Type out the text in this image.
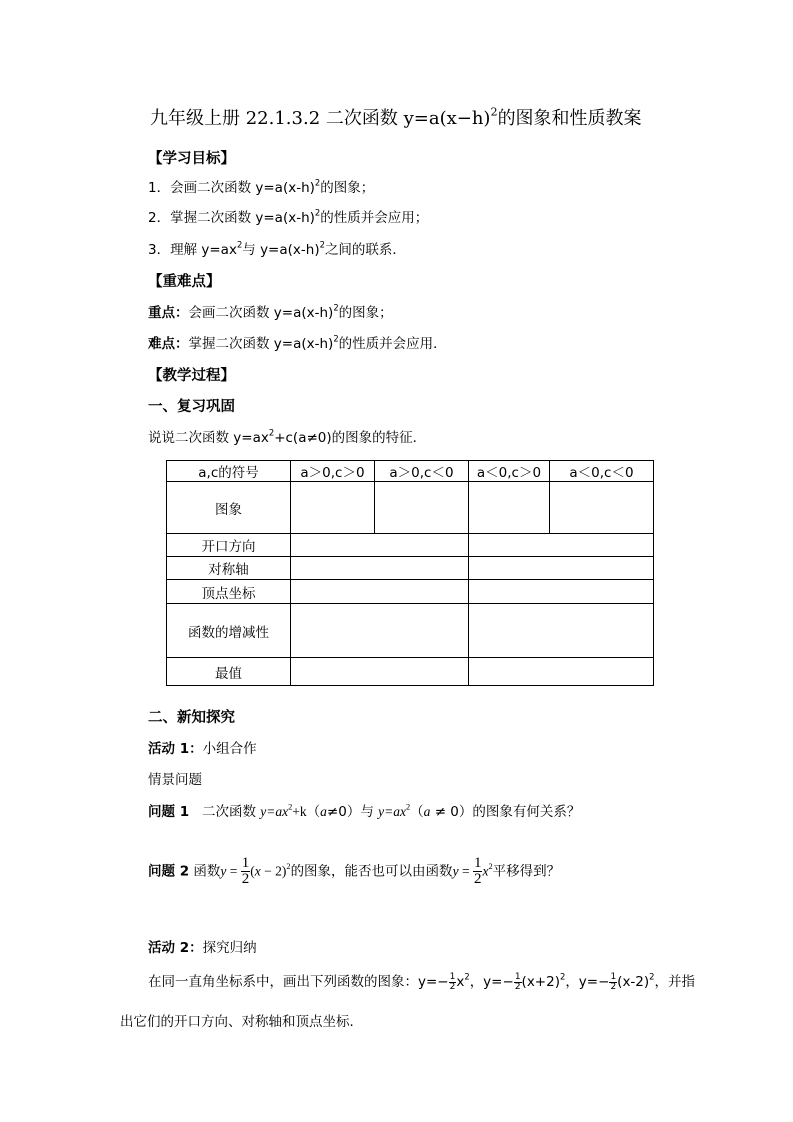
九年级上册 22.1.3.2 二次函数 $y=a(x-h)^2$的图象和性质教案
【学习目标】
1．会画二次函数 $y=a(x-h)^2$的图象；
2．掌握二次函数 $y=a(x-h)^2$的性质并会应用；
3．理解 $y=ax^2$与 $y=a(x-h)^2$之间的联系．
【重难点】
重点：会画二次函数 $y=a(x-h)^2$的图象；
难点：掌握二次函数 $y=a(x-h)^2$的性质并会应用．
【教学过程】
一、复习巩固
说说二次函数 $y=ax^2+c(a\ne 0)$的图象的特征．
a,c的符号	a＞0,c＞0	a＞0,c＜0	a＜0,c＞0	a＜0,c＜0
图象				
开口方向				
对称轴				
顶点坐标				
函数的增减性				
最值				
二、新知探究
活动 1：小组合作
情景问题
问题 1 二次函数 $y=ax^2+k(a\ne 0)$与 $y=ax^2(a \ne 0)$的图象有何关系？
问题 2 函数$y = \frac{1}{2} (x - 2)^2$的图象，能否也可以由函数$y = \frac{1}{2} x^2$平移得到？
活动 2：探究归纳
在同一直角坐标系中，画出下列函数的图象：$y=- \frac{1}{2} x^2$，$y=- \frac{1}{2} (x+2)^2$，$y=- \frac{1}{2} (x-2)^2$，并指
出它们的开口方向、对称轴和顶点坐标．
